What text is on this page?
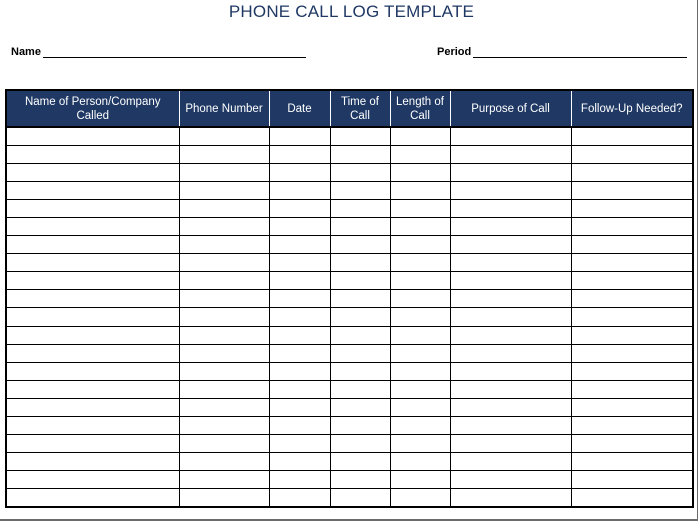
PHONE CALL LOG TEMPLATE
Name	Period
Name of Person/Company Called	Phone Number	Date	Time of Call	Length of Call	Purpose of Call	Follow-Up Needed?
